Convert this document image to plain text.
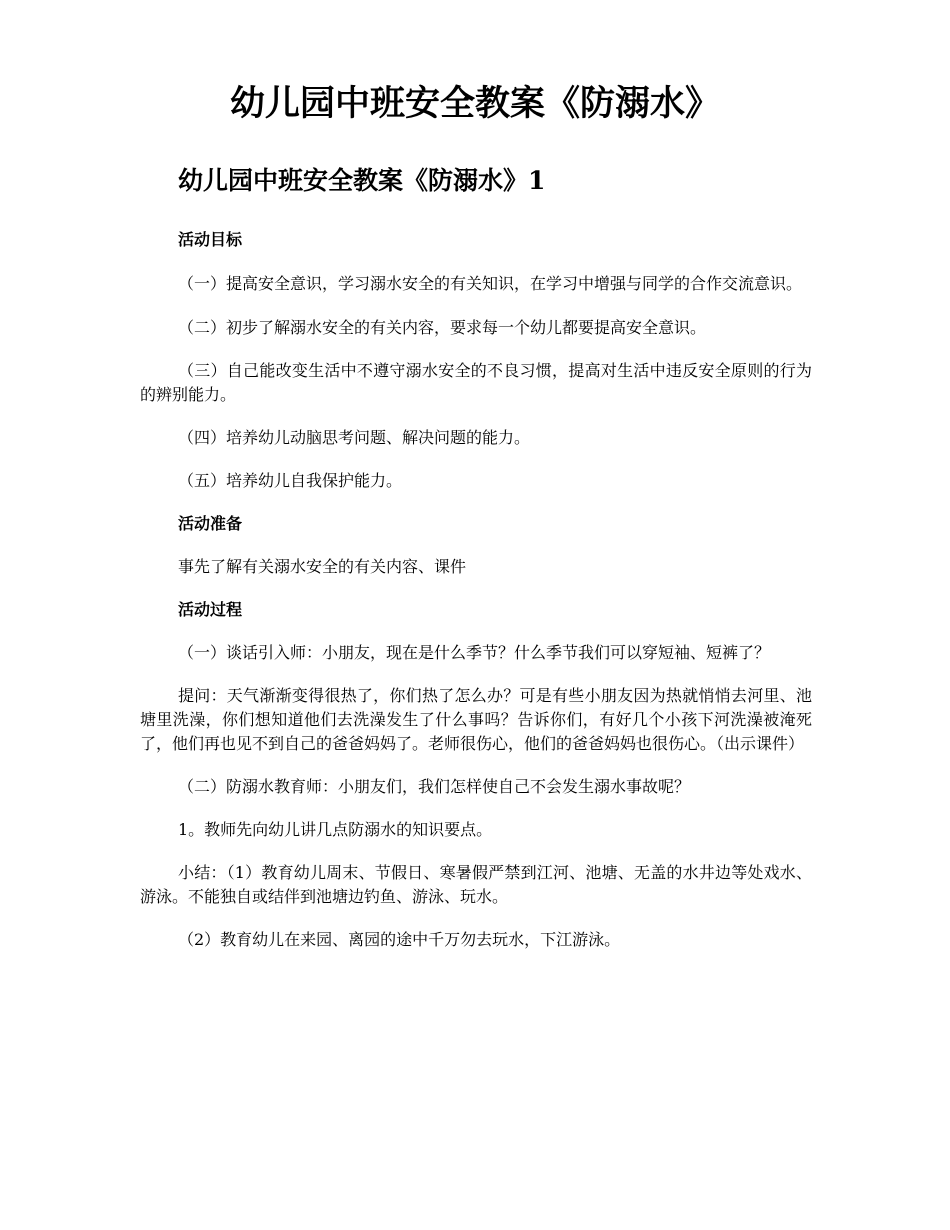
幼儿园中班安全教案《防溺水》
幼儿园中班安全教案《防溺水》1

活动目标

（一）提高安全意识，学习溺水安全的有关知识，在学习中增强与同学的合作交流意识。

（二）初步了解溺水安全的有关内容，要求每一个幼儿都要提高安全意识。

（三）自己能改变生活中不遵守溺水安全的不良习惯，提高对生活中违反安全原则的行为的辨别能力。

（四）培养幼儿动脑思考问题、解决问题的能力。

（五）培养幼儿自我保护能力。

活动准备

事先了解有关溺水安全的有关内容、课件

活动过程

（一）谈话引入师：小朋友，现在是什么季节？什么季节我们可以穿短袖、短裤了？

提问：天气渐渐变得很热了，你们热了怎么办？可是有些小朋友因为热就悄悄去河里、池塘里洗澡，你们想知道他们去洗澡发生了什么事吗？告诉你们，有好几个小孩下河洗澡被淹死了，他们再也见不到自己的爸爸妈妈了。老师很伤心，他们的爸爸妈妈也很伤心。（出示课件）

（二）防溺水教育师：小朋友们，我们怎样使自己不会发生溺水事故呢？

1。教师先向幼儿讲几点防溺水的知识要点。

小结：（1）教育幼儿周末、节假日、寒暑假严禁到江河、池塘、无盖的水井边等处戏水、游泳。不能独自或结伴到池塘边钓鱼、游泳、玩水。

（2）教育幼儿在来园、离园的途中千万勿去玩水，下江游泳。
